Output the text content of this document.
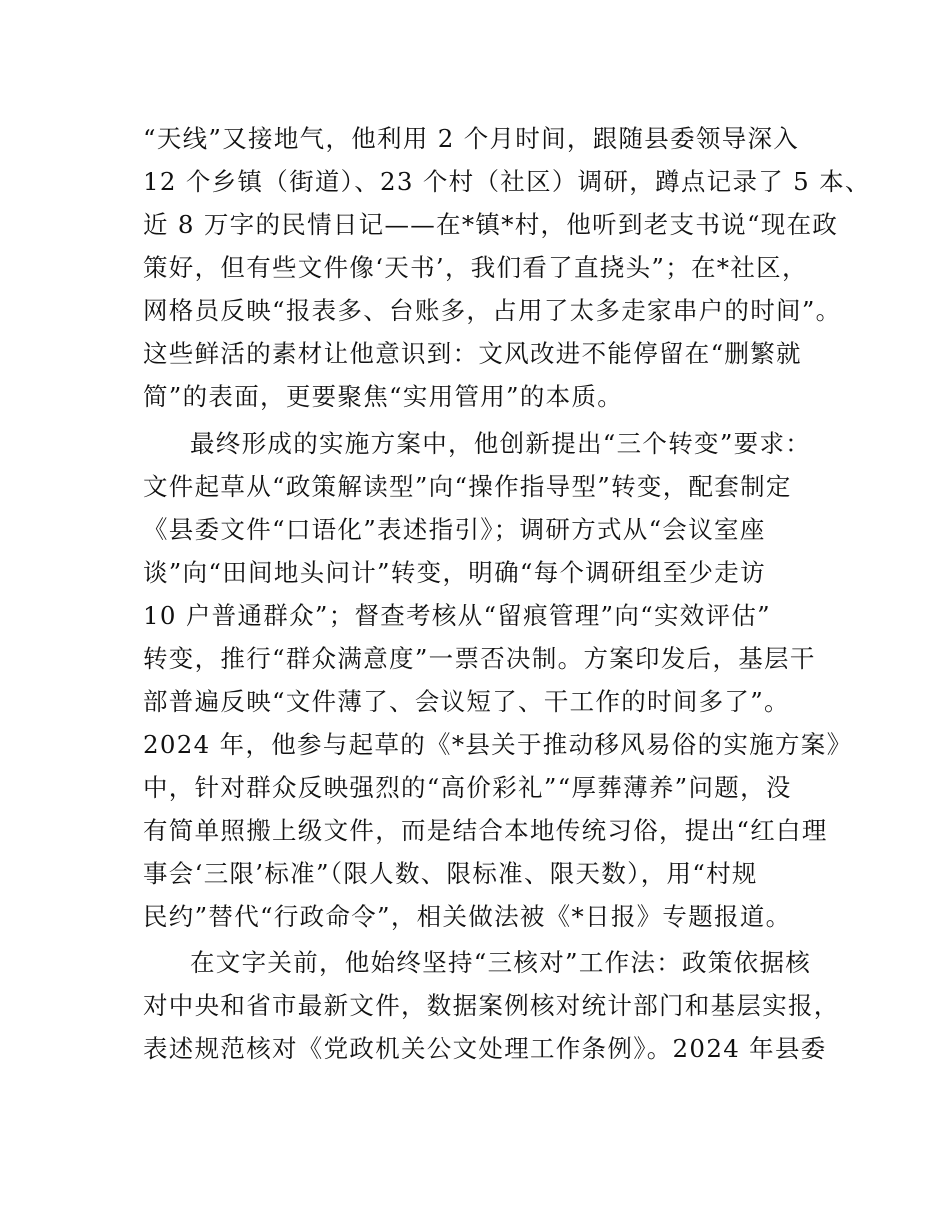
“天线”又接地气，他利用 2 个月时间，跟随县委领导深入
12 个乡镇（街道）、23 个村（社区）调研，蹲点记录了 5 本、
近 8 万字的民情日记——在*镇*村，他听到老支书说“现在政
策好，但有些文件像‘天书’，我们看了直挠头”；在*社区，
网格员反映“报表多、台账多，占用了太多走家串户的时间”。
这些鲜活的素材让他意识到：文风改进不能停留在“删繁就
简”的表面，更要聚焦“实用管用”的本质。
最终形成的实施方案中，他创新提出“三个转变”要求：
文件起草从“政策解读型”向“操作指导型”转变，配套制定
《县委文件“口语化”表述指引》；调研方式从“会议室座
谈”向“田间地头问计”转变，明确“每个调研组至少走访
10 户普通群众”；督查考核从“留痕管理”向“实效评估”
转变，推行“群众满意度”一票否决制。方案印发后，基层干
部普遍反映“文件薄了、会议短了、干工作的时间多了”。
2024 年，他参与起草的《*县关于推动移风易俗的实施方案》
中，针对群众反映强烈的“高价彩礼”“厚葬薄养”问题，没
有简单照搬上级文件，而是结合本地传统习俗，提出“红白理
事会‘三限’标准”（限人数、限标准、限天数），用“村规
民约”替代“行政命令”，相关做法被《*日报》专题报道。
在文字关前，他始终坚持“三核对”工作法：政策依据核
对中央和省市最新文件，数据案例核对统计部门和基层实报，
表述规范核对《党政机关公文处理工作条例》。2024 年县委
